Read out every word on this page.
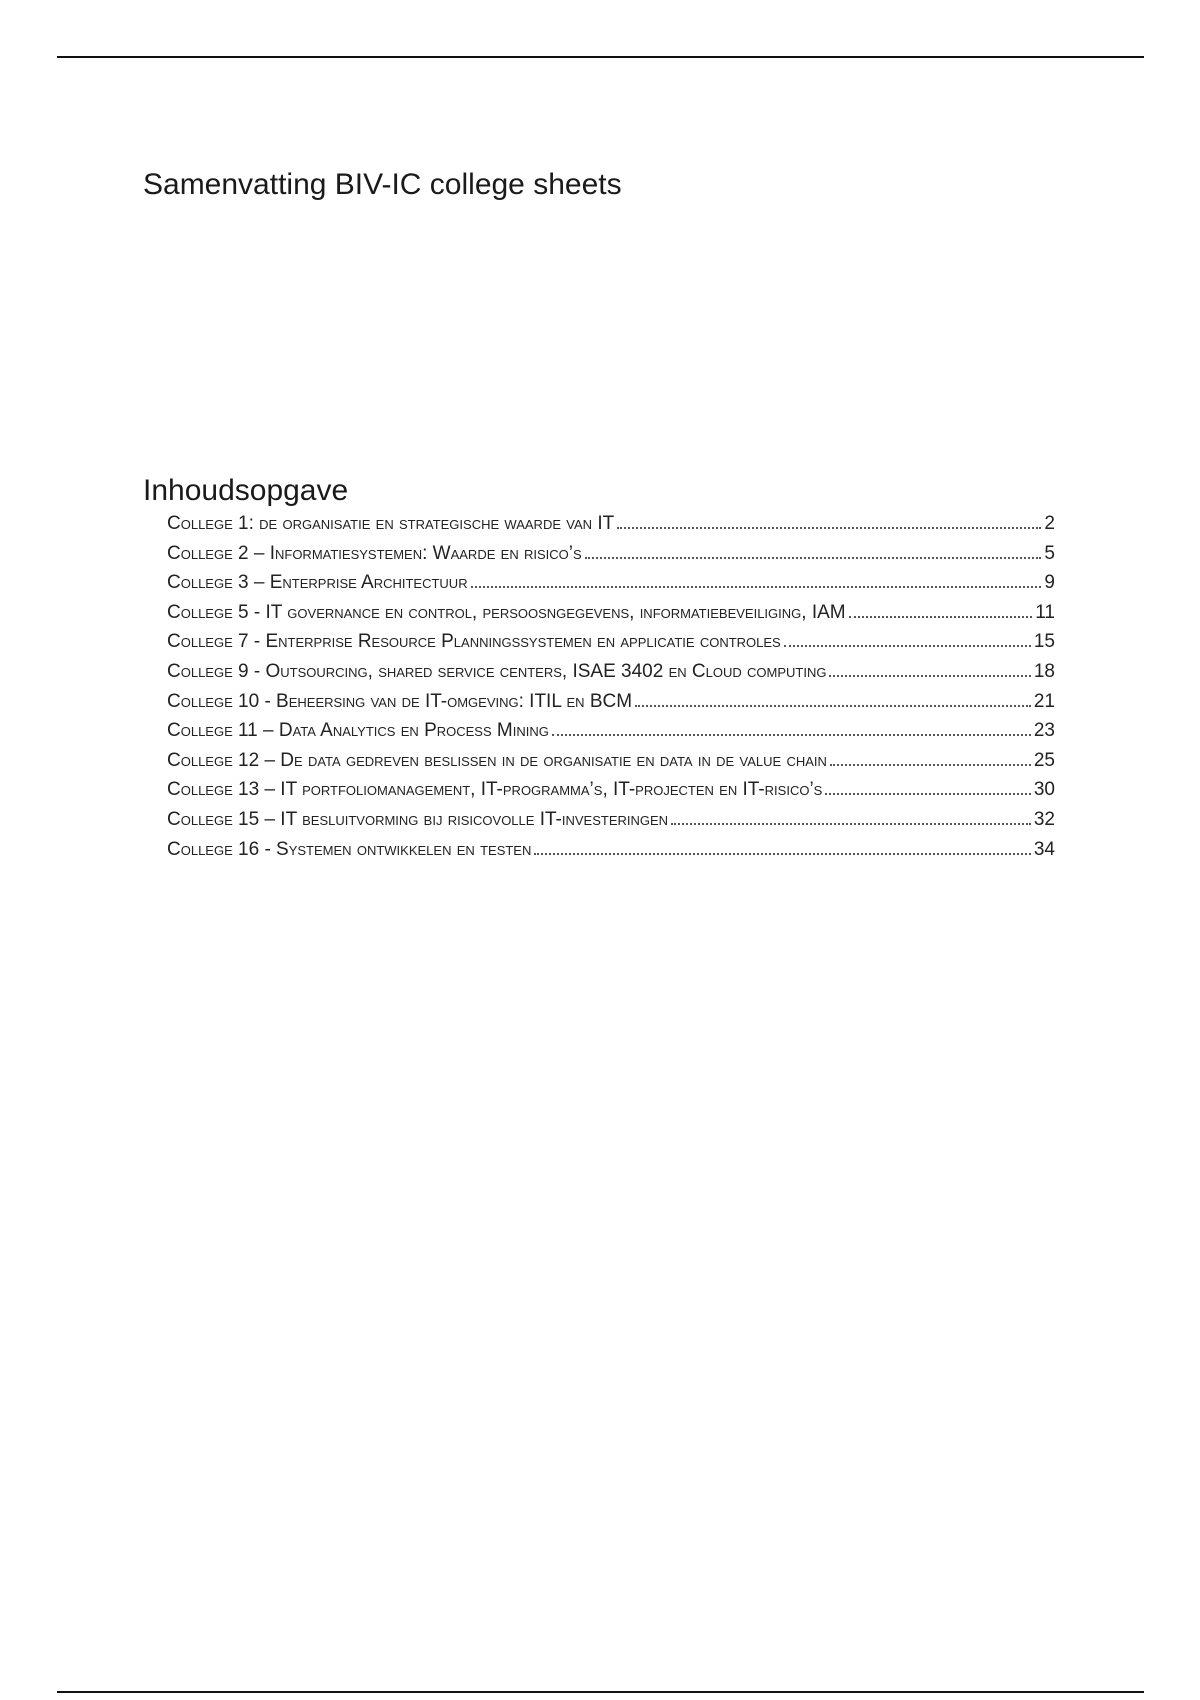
Samenvatting BIV-IC college sheets
Inhoudsopgave
College 1: de organisatie en strategische waarde van IT	2
College 2 – Informatiesystemen: Waarde en risico’s	5
College 3 – Enterprise Architectuur	9
College 5 - IT governance en control, persoosngegevens, informatiebeveiliging, IAM	11
College 7 - Enterprise Resource Planningssystemen en applicatie controles	15
College 9 - Outsourcing, shared service centers, ISAE 3402 en Cloud computing	18
College 10 - Beheersing van de IT-omgeving: ITIL en BCM	21
College 11 – Data Analytics en Process Mining	23
College 12 – De data gedreven beslissen in de organisatie en data in de value chain	25
College 13 – IT portfoliomanagement, IT-programma’s, IT-projecten en IT-risico’s	30
College 15 – IT besluitvorming bij risicovolle IT-investeringen	32
College 16 - Systemen ontwikkelen en testen	34
